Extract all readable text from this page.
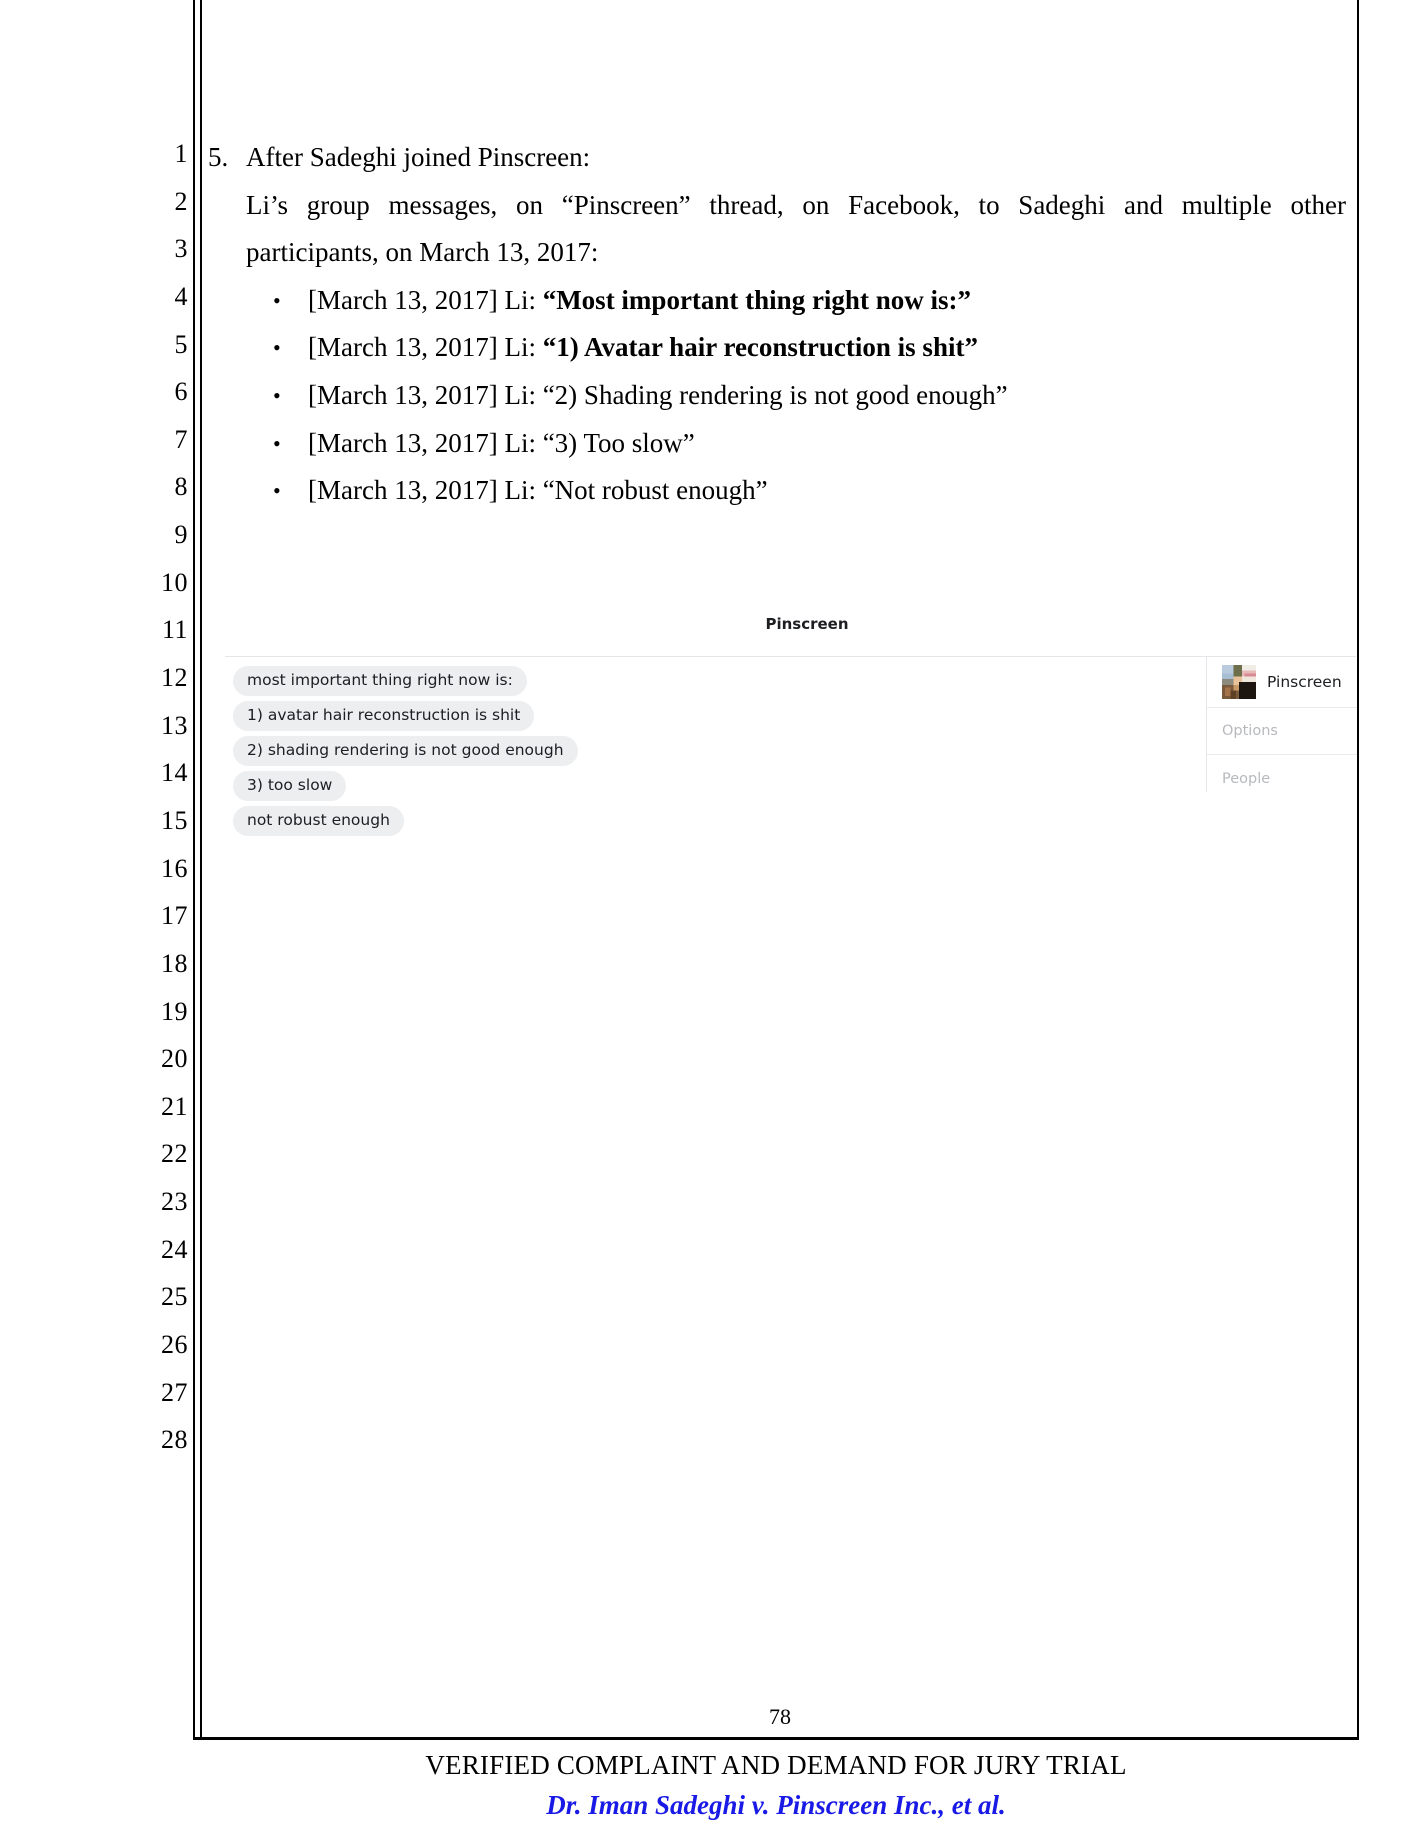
1
2
3
4
5
6
7
8
9
10
11
12
13
14
15
16
17
18
19
20
21
22
23
24
25
26
27
28
5. After Sadeghi joined Pinscreen:
Li’s group messages, on “Pinscreen” thread, on Facebook, to Sadeghi and multiple other
participants, on March 13, 2017:
• [March 13, 2017] Li: “Most important thing right now is:”
• [March 13, 2017] Li: “1) Avatar hair reconstruction is shit”
• [March 13, 2017] Li: “2) Shading rendering is not good enough”
• [March 13, 2017] Li: “3) Too slow”
• [March 13, 2017] Li: “Not robust enough”
Pinscreen
most important thing right now is:
1) avatar hair reconstruction is shit
2) shading rendering is not good enough
3) too slow
not robust enough
Pinscreen
Options
People
78
VERIFIED COMPLAINT AND DEMAND FOR JURY TRIAL
Dr. Iman Sadeghi v. Pinscreen Inc., et al.
